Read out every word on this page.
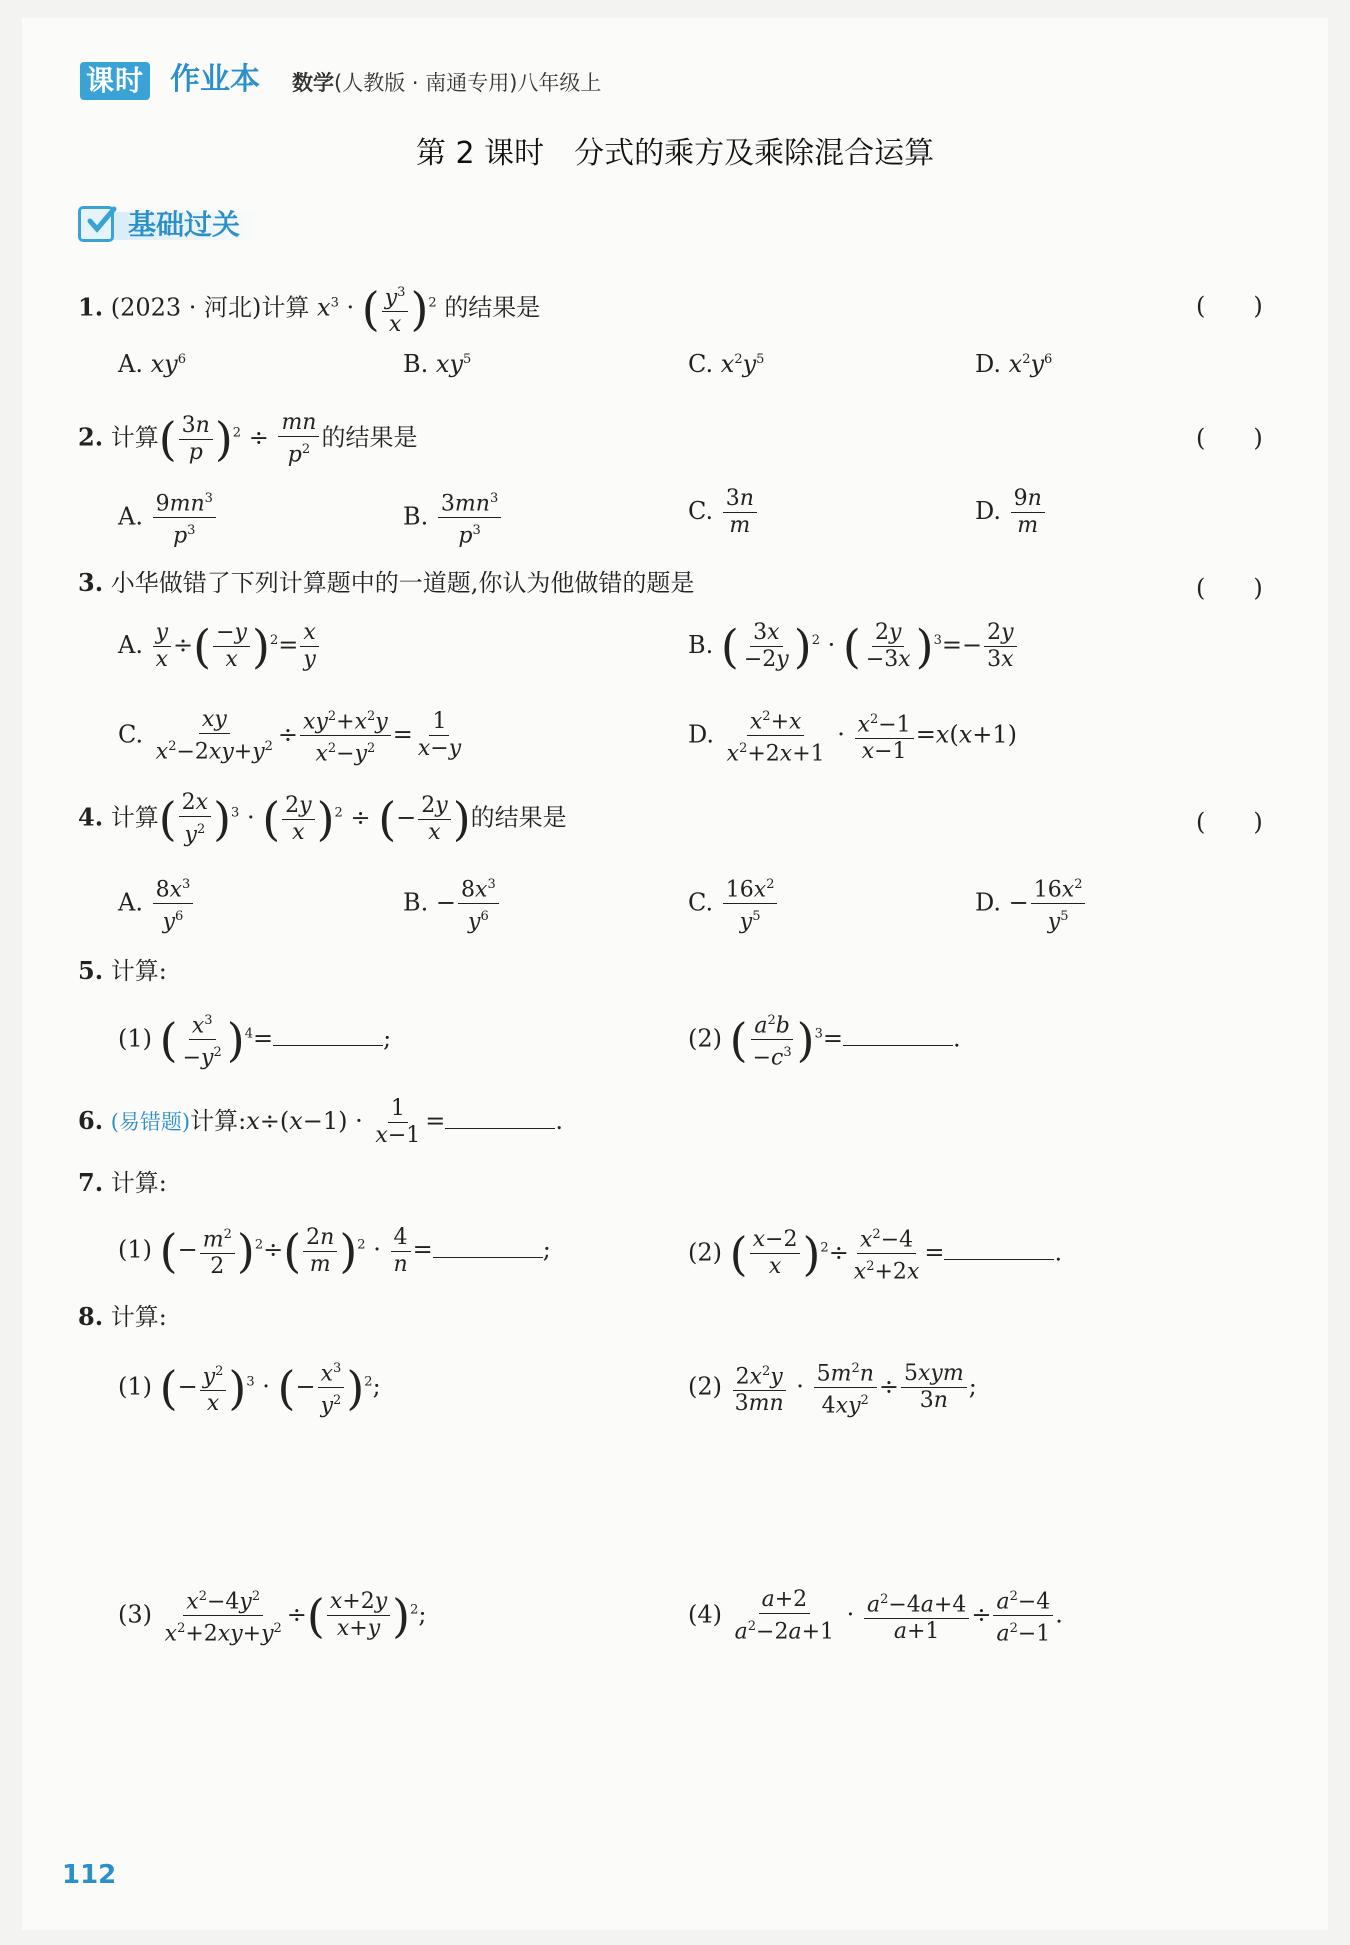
课时 作业本 数学(人教版 · 南通专用)八年级上
第 2 课时　分式的乘方及乘除混合运算
基础过关
1. (2023 · 河北)计算 $x^3$ · ( $\frac{y^3}{x} )^2$ 的结果是	(　　)
A. $xy^6$	B. $xy^5$	C. $x^2y^5$	D. $x^2y^6$
2. 计算( $\frac{3n}{p} )^2 \div \frac{mn}{p^2}$ 的结果是	(　　)
A. $\frac{9mn^3}{p^3}$	B. $\frac{3mn^3}{p^3}$	C. $\frac{3n}{m}$	D. $\frac{9n}{m}$
3. 小华做错了下列计算题中的一道题,你认为他做错的题是	(　　)
A. $\frac{y}{x}$ ÷( $\frac{-y}{x} )^2= \frac{x}{y}$	B. ( $\frac{3x}{-2y} )^2$ · ( $\frac{2y}{-3x} )^3=- \frac{2y}{3x}$
C. $\frac{xy}{x^2-2xy+y^2} \div \frac{xy^2+x^2y}{x^2-y^2} = \frac{1}{x-y}$	D. $\frac{x^2+x}{x^2+2x+1} \cdot \frac{x^2-1}{x-1} =x(x+1)$
4. 计算( $\frac{2x}{y^2} )^3$ · ( $\frac{2y}{x} )^2$ ÷ (− $\frac{2y}{x}$ )的结果是	(　　)
A. $\frac{8x^3}{y^6}$	B. − $\frac{8x^3}{y^6}$	C. $\frac{16x^2}{y^5}$	D. − $\frac{16x^2}{y^5}$
5. 计算:
(1) ( $\frac{x^3}{-y^2} )^4=$	;	(2) ( $\frac{a^2b}{-c^3} )^3=$	.
6. (易错题)计算:x÷(x−1) · $\frac{1}{x-1}$ =	.
7. 计算:
(1) (− $\frac{m^2}{2} )^2\div( \frac{2n}{m} )^2 \cdot \frac{4}{n}$ =	;	(2) ( $\frac{x-2}{x} )^2\div \frac{x^2-4}{x^2+2x}$ =	.
8. 计算:
(1) (− $\frac{y^2}{x} )^3$ · (− $\frac{x^3}{y^2} )^2$;	$(2) \frac{2x^2y}{3mn} \cdot \frac{5m^2n}{4xy^2} \div \frac{\text{5xym}}{3n}$ ;
$(3) \frac{x^2-4y^2}{x^2+2xy+y^2}$ ÷( $\frac{x+2y}{x+y} )^2$;	$(4) \frac{a+2}{a^2-2a+1} \cdot \frac{a^2-4a+4}{a+1} \div \frac{a^2-4}{a^2-1}$ .
112
